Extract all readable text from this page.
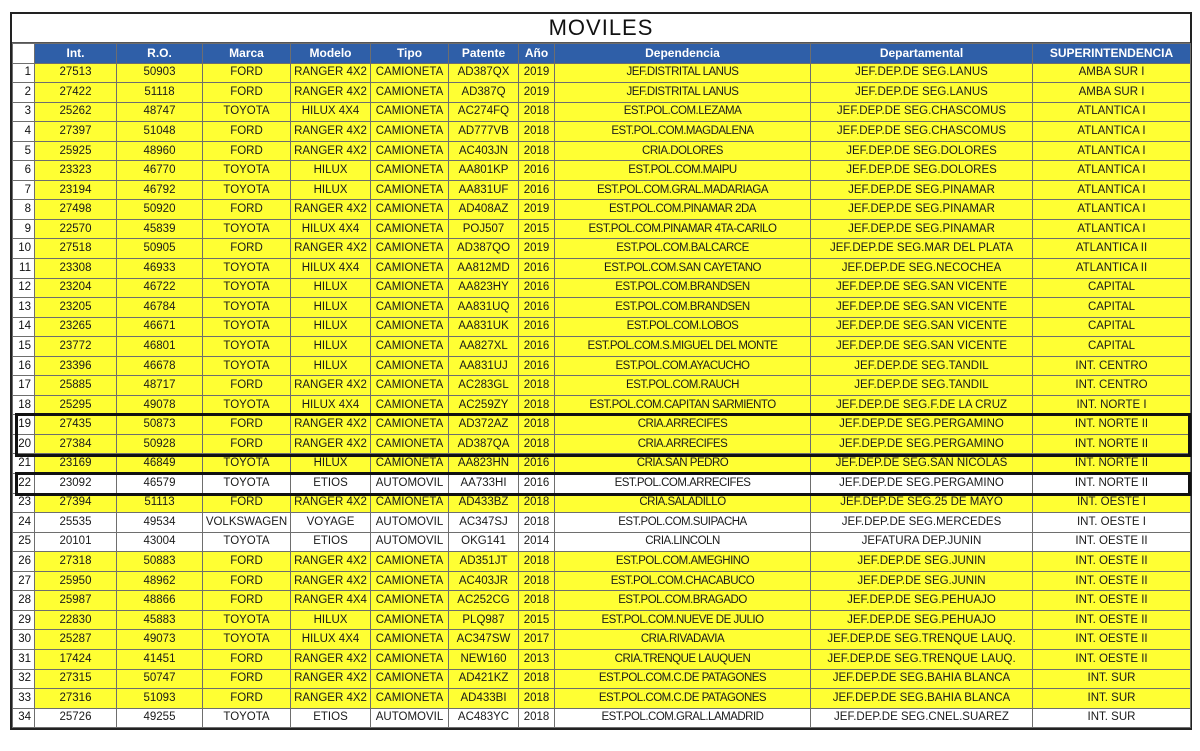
MOVILES
	Int.	R.O.	Marca	Modelo	Tipo	Patente	Año	Dependencia	Departamental	SUPERINTENDENCIA
1	27513	50903	FORD	RANGER 4X2	CAMIONETA	AD387QX	2019	JEF.DISTRITAL LANUS	JEF.DEP.DE SEG.LANUS	AMBA SUR I
2	27422	51118	FORD	RANGER 4X2	CAMIONETA	AD387Q	2019	JEF.DISTRITAL LANUS	JEF.DEP.DE SEG.LANUS	AMBA SUR I
3	25262	48747	TOYOTA	HILUX 4X4	CAMIONETA	AC274FQ	2018	EST.POL.COM.LEZAMA	JEF.DEP.DE SEG.CHASCOMUS	ATLANTICA I
4	27397	51048	FORD	RANGER 4X2	CAMIONETA	AD777VB	2018	EST.POL.COM.MAGDALENA	JEF.DEP.DE SEG.CHASCOMUS	ATLANTICA I
5	25925	48960	FORD	RANGER 4X2	CAMIONETA	AC403JN	2018	CRIA.DOLORES	JEF.DEP.DE SEG.DOLORES	ATLANTICA I
6	23323	46770	TOYOTA	HILUX	CAMIONETA	AA801KP	2016	EST.POL.COM.MAIPU	JEF.DEP.DE SEG.DOLORES	ATLANTICA I
7	23194	46792	TOYOTA	HILUX	CAMIONETA	AA831UF	2016	EST.POL.COM.GRAL.MADARIAGA	JEF.DEP.DE SEG.PINAMAR	ATLANTICA I
8	27498	50920	FORD	RANGER 4X2	CAMIONETA	AD408AZ	2019	EST.POL.COM.PINAMAR 2DA	JEF.DEP.DE SEG.PINAMAR	ATLANTICA I
9	22570	45839	TOYOTA	HILUX 4X4	CAMIONETA	POJ507	2015	EST.POL.COM.PINAMAR 4TA-CARILO	JEF.DEP.DE SEG.PINAMAR	ATLANTICA I
10	27518	50905	FORD	RANGER 4X2	CAMIONETA	AD387QO	2019	EST.POL.COM.BALCARCE	JEF.DEP.DE SEG.MAR DEL PLATA	ATLANTICA II
11	23308	46933	TOYOTA	HILUX 4X4	CAMIONETA	AA812MD	2016	EST.POL.COM.SAN CAYETANO	JEF.DEP.DE SEG.NECOCHEA	ATLANTICA II
12	23204	46722	TOYOTA	HILUX	CAMIONETA	AA823HY	2016	EST.POL.COM.BRANDSEN	JEF.DEP.DE SEG.SAN VICENTE	CAPITAL
13	23205	46784	TOYOTA	HILUX	CAMIONETA	AA831UQ	2016	EST.POL.COM.BRANDSEN	JEF.DEP.DE SEG.SAN VICENTE	CAPITAL
14	23265	46671	TOYOTA	HILUX	CAMIONETA	AA831UK	2016	EST.POL.COM.LOBOS	JEF.DEP.DE SEG.SAN VICENTE	CAPITAL
15	23772	46801	TOYOTA	HILUX	CAMIONETA	AA827XL	2016	EST.POL.COM.S.MIGUEL DEL MONTE	JEF.DEP.DE SEG.SAN VICENTE	CAPITAL
16	23396	46678	TOYOTA	HILUX	CAMIONETA	AA831UJ	2016	EST.POL.COM.AYACUCHO	JEF.DEP.DE SEG.TANDIL	INT. CENTRO
17	25885	48717	FORD	RANGER 4X2	CAMIONETA	AC283GL	2018	EST.POL.COM.RAUCH	JEF.DEP.DE SEG.TANDIL	INT. CENTRO
18	25295	49078	TOYOTA	HILUX 4X4	CAMIONETA	AC259ZY	2018	EST.POL.COM.CAPITAN SARMIENTO	JEF.DEP.DE SEG.F.DE LA CRUZ	INT. NORTE I
19	27435	50873	FORD	RANGER 4X2	CAMIONETA	AD372AZ	2018	CRIA.ARRECIFES	JEF.DEP.DE SEG.PERGAMINO	INT. NORTE II
20	27384	50928	FORD	RANGER 4X2	CAMIONETA	AD387QA	2018	CRIA.ARRECIFES	JEF.DEP.DE SEG.PERGAMINO	INT. NORTE II
21	23169	46849	TOYOTA	HILUX	CAMIONETA	AA823HN	2016	CRIA.SAN PEDRO	JEF.DEP.DE SEG.SAN NICOLAS	INT. NORTE II
22	23092	46579	TOYOTA	ETIOS	AUTOMOVIL	AA733HI	2016	EST.POL.COM.ARRECIFES	JEF.DEP.DE SEG.PERGAMINO	INT. NORTE II
23	27394	51113	FORD	RANGER 4X2	CAMIONETA	AD433BZ	2018	CRIA.SALADILLO	JEF.DEP.DE SEG.25 DE MAYO	INT. OESTE I
24	25535	49534	VOLKSWAGEN	VOYAGE	AUTOMOVIL	AC347SJ	2018	EST.POL.COM.SUIPACHA	JEF.DEP.DE SEG.MERCEDES	INT. OESTE I
25	20101	43004	TOYOTA	ETIOS	AUTOMOVIL	OKG141	2014	CRIA.LINCOLN	JEFATURA DEP.JUNIN	INT. OESTE II
26	27318	50883	FORD	RANGER 4X2	CAMIONETA	AD351JT	2018	EST.POL.COM.AMEGHINO	JEF.DEP.DE SEG.JUNIN	INT. OESTE II
27	25950	48962	FORD	RANGER 4X2	CAMIONETA	AC403JR	2018	EST.POL.COM.CHACABUCO	JEF.DEP.DE SEG.JUNIN	INT. OESTE II
28	25987	48866	FORD	RANGER 4X4	CAMIONETA	AC252CG	2018	EST.POL.COM.BRAGADO	JEF.DEP.DE SEG.PEHUAJO	INT. OESTE II
29	22830	45883	TOYOTA	HILUX	CAMIONETA	PLQ987	2015	EST.POL.COM.NUEVE DE JULIO	JEF.DEP.DE SEG.PEHUAJO	INT. OESTE II
30	25287	49073	TOYOTA	HILUX 4X4	CAMIONETA	AC347SW	2017	CRIA.RIVADAVIA	JEF.DEP.DE SEG.TRENQUE LAUQ.	INT. OESTE II
31	17424	41451	FORD	RANGER 4X2	CAMIONETA	NEW160	2013	CRIA.TRENQUE LAUQUEN	JEF.DEP.DE SEG.TRENQUE LAUQ.	INT. OESTE II
32	27315	50747	FORD	RANGER 4X2	CAMIONETA	AD421KZ	2018	EST.POL.COM.C.DE PATAGONES	JEF.DEP.DE SEG.BAHIA BLANCA	INT. SUR
33	27316	51093	FORD	RANGER 4X2	CAMIONETA	AD433BI	2018	EST.POL.COM.C.DE PATAGONES	JEF.DEP.DE SEG.BAHIA BLANCA	INT. SUR
34	25726	49255	TOYOTA	ETIOS	AUTOMOVIL	AC483YC	2018	EST.POL.COM.GRAL.LAMADRID	JEF.DEP.DE SEG.CNEL.SUAREZ	INT. SUR
